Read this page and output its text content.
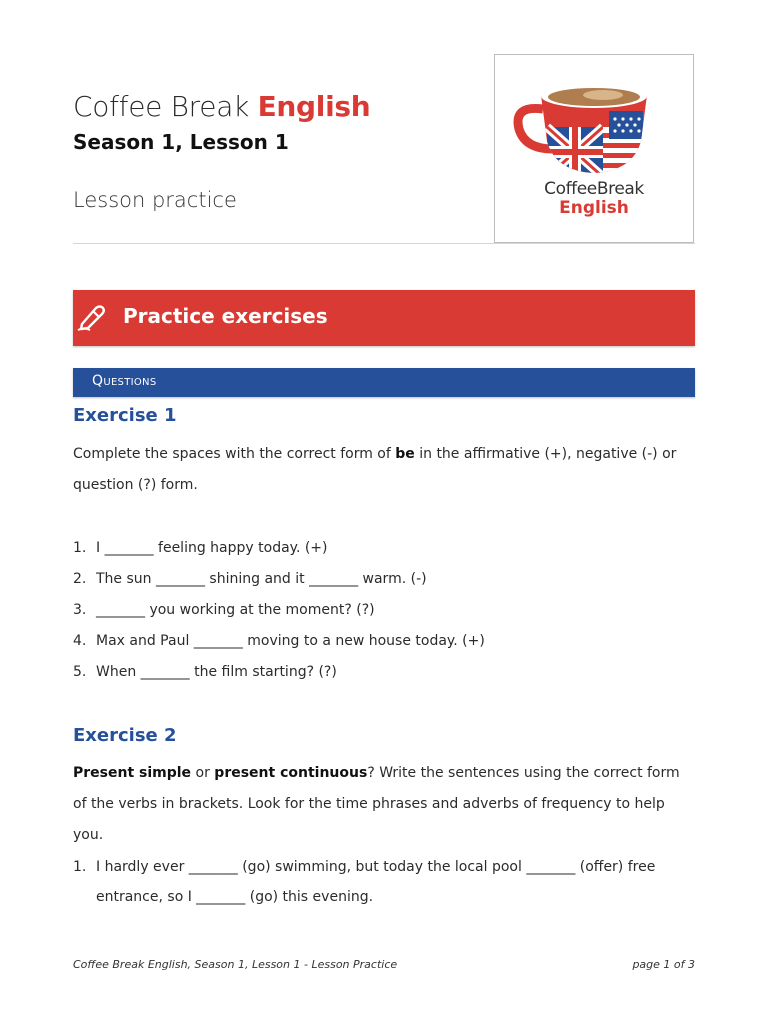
Coffee Break English
Season 1, Lesson 1
Lesson practice	CoffeeBreak
English
Practice exercises
Questions
Exercise 1
Complete the spaces with the correct form of be in the affirmative (+), negative (-) or question (?) form.
1. I _______ feeling happy today. (+)
2. The sun _______ shining and it _______ warm. (-)
3. _______ you working at the moment? (?)
4. Max and Paul _______ moving to a new house today. (+)
5. When _______ the film starting? (?)
Exercise 2
Present simple or present continuous? Write the sentences using the correct form of the verbs in brackets. Look for the time phrases and adverbs of frequency to help you.
1. I hardly ever _______ (go) swimming, but today the local pool _______ (offer) free entrance, so I _______ (go) this evening.
Coffee Break English, Season 1, Lesson 1 - Lesson Practice	page 1 of 3
